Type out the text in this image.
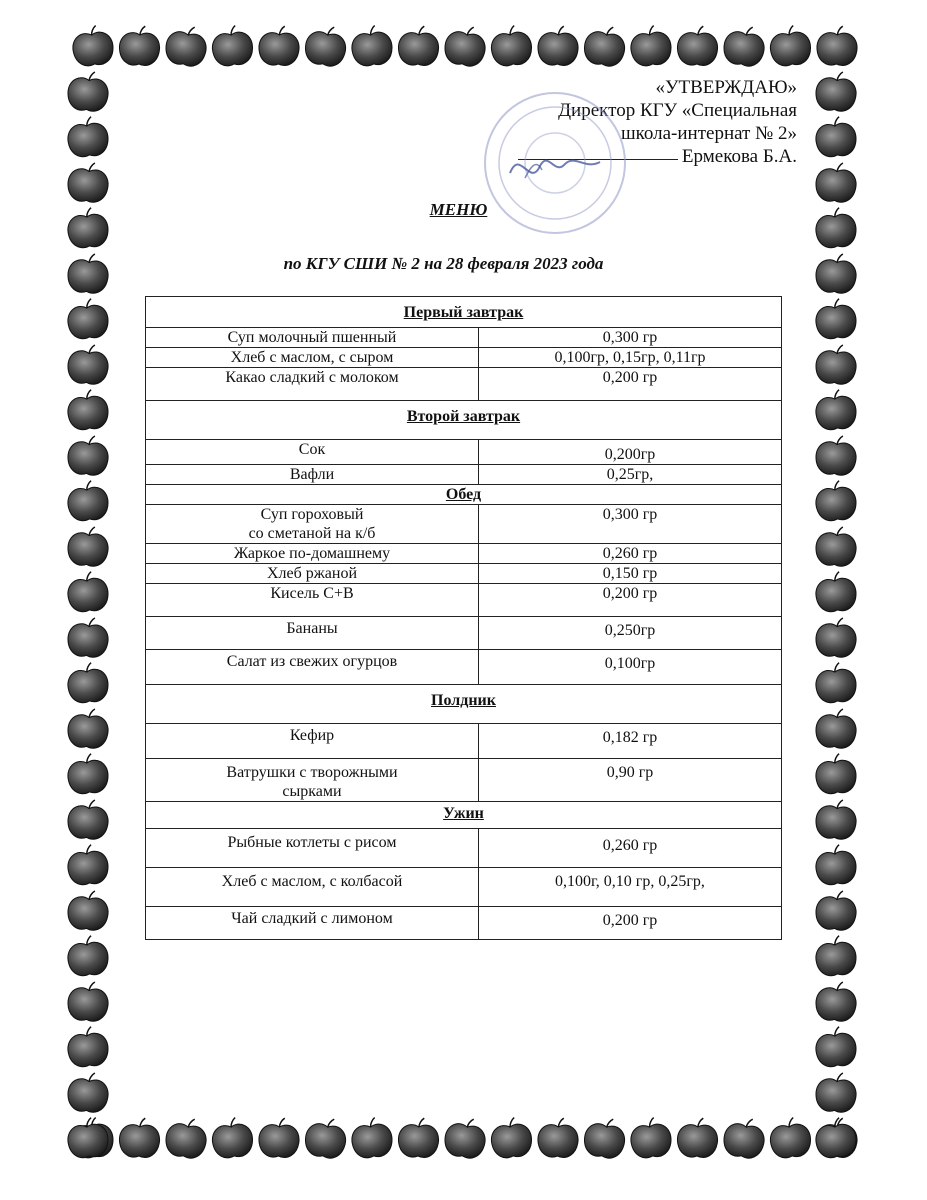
«УТВЕРЖДАЮ»
Директор КГУ «Специальная
школа-интернат № 2»
Ермекова Б.А.
МЕНЮ
по КГУ СШИ № 2 на 28 февраля 2023 года
Первый завтрак	
Суп молочный пшенный	0,300 гр
Хлеб с маслом, с сыром	0,100гр, 0,15гр, 0,11гр
Какао сладкий с молоком	0,200 гр
Второй завтрак	
Сок	0,200гр
Вафли	0,25гр,
Обед	

Суп гороховый
со сметаной на к/б	0,300 гр
Жаркое по-домашнему	0,260 гр
Хлеб ржаной	0,150 гр
Кисель С+В	0,200 гр
Бананы	0,250гр
Салат из свежих огурцов	0,100гр
Полдник	
Кефир	0,182 гр

Ватрушки с творожными
сырками	0,90 гр
Ужин	
Рыбные котлеты с рисом	0,260 гр
Хлеб с маслом, с колбасой	0,100г, 0,10 гр, 0,25гр,
Чай сладкий с лимоном	0,200 гр
